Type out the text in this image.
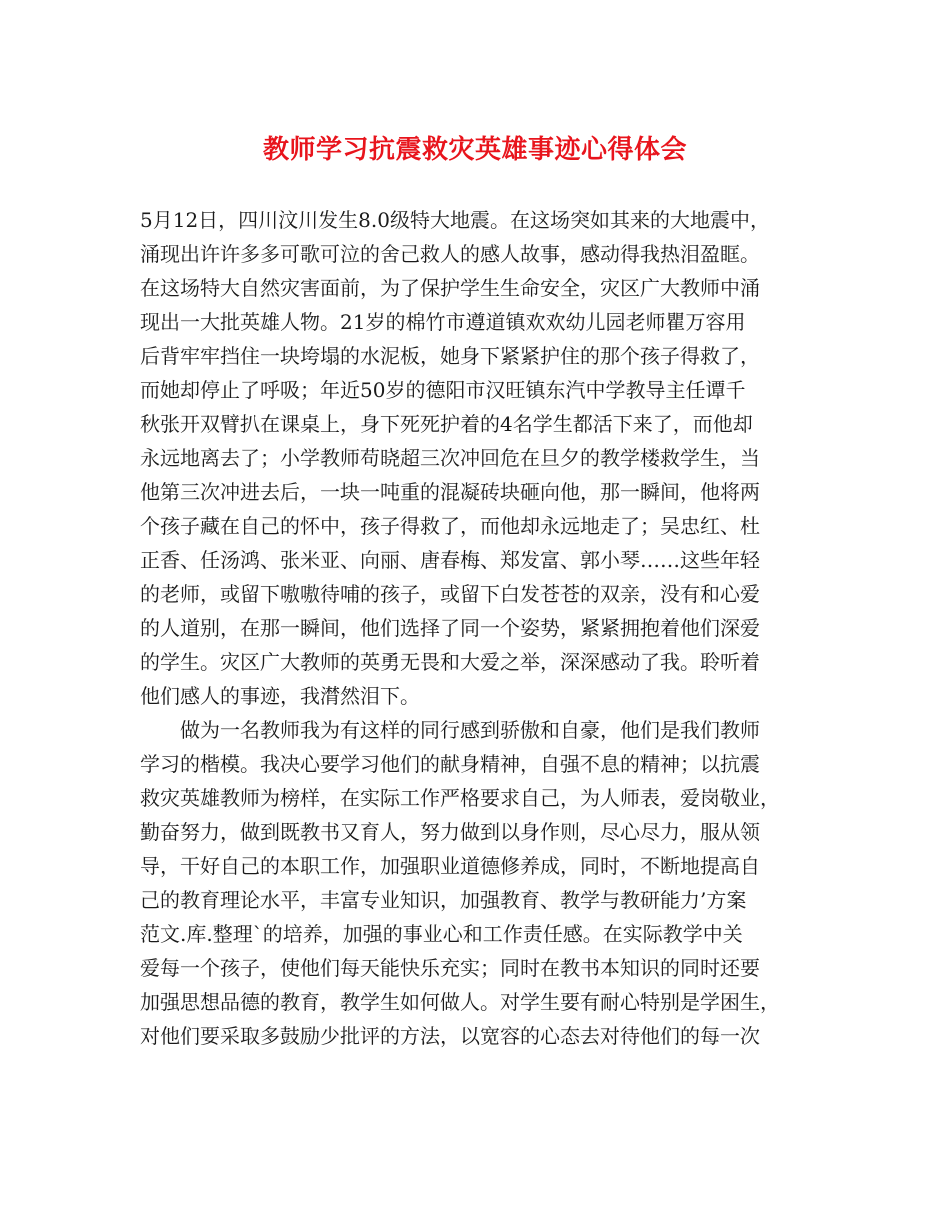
教师学习抗震救灾英雄事迹心得体会
5月12日，四川汶川发生8.0级特大地震。在这场突如其来的大地震中，
涌现出许许多多可歌可泣的舍己救人的感人故事，感动得我热泪盈眶。
在这场特大自然灾害面前，为了保护学生生命安全，灾区广大教师中涌
现出一大批英雄人物。21岁的棉竹市遵道镇欢欢幼儿园老师瞿万容用
后背牢牢挡住一块垮塌的水泥板，她身下紧紧护住的那个孩子得救了，
而她却停止了呼吸；年近50岁的德阳市汉旺镇东汽中学教导主任谭千
秋张开双臂扒在课桌上，身下死死护着的4名学生都活下来了，而他却
永远地离去了；小学教师苟晓超三次冲回危在旦夕的教学楼救学生，当
他第三次冲进去后，一块一吨重的混凝砖块砸向他，那一瞬间，他将两
个孩子藏在自己的怀中，孩子得救了，而他却永远地走了；吴忠红、杜
正香、任汤鸿、张米亚、向丽、唐春梅、郑发富、郭小琴……这些年轻
的老师，或留下嗷嗷待哺的孩子，或留下白发苍苍的双亲，没有和心爱
的人道别，在那一瞬间，他们选择了同一个姿势，紧紧拥抱着他们深爱
的学生。灾区广大教师的英勇无畏和大爱之举，深深感动了我。聆听着
他们感人的事迹，我潸然泪下。
　　做为一名教师我为有这样的同行感到骄傲和自豪，他们是我们教师
学习的楷模。我决心要学习他们的献身精神，自强不息的精神；以抗震
救灾英雄教师为榜样，在实际工作严格要求自己，为人师表，爱岗敬业，
勤奋努力，做到既教书又育人，努力做到以身作则，尽心尽力，服从领
导，干好自己的本职工作，加强职业道德修养成，同时，不断地提高自
己的教育理论水平，丰富专业知识，加强教育、教学与教研能力’方案
范文.库.整理`的培养，加强的事业心和工作责任感。在实际教学中关
爱每一个孩子，使他们每天能快乐充实；同时在教书本知识的同时还要
加强思想品德的教育，教学生如何做人。对学生要有耐心特别是学困生，
对他们要采取多鼓励少批评的方法，以宽容的心态去对待他们的每一次
